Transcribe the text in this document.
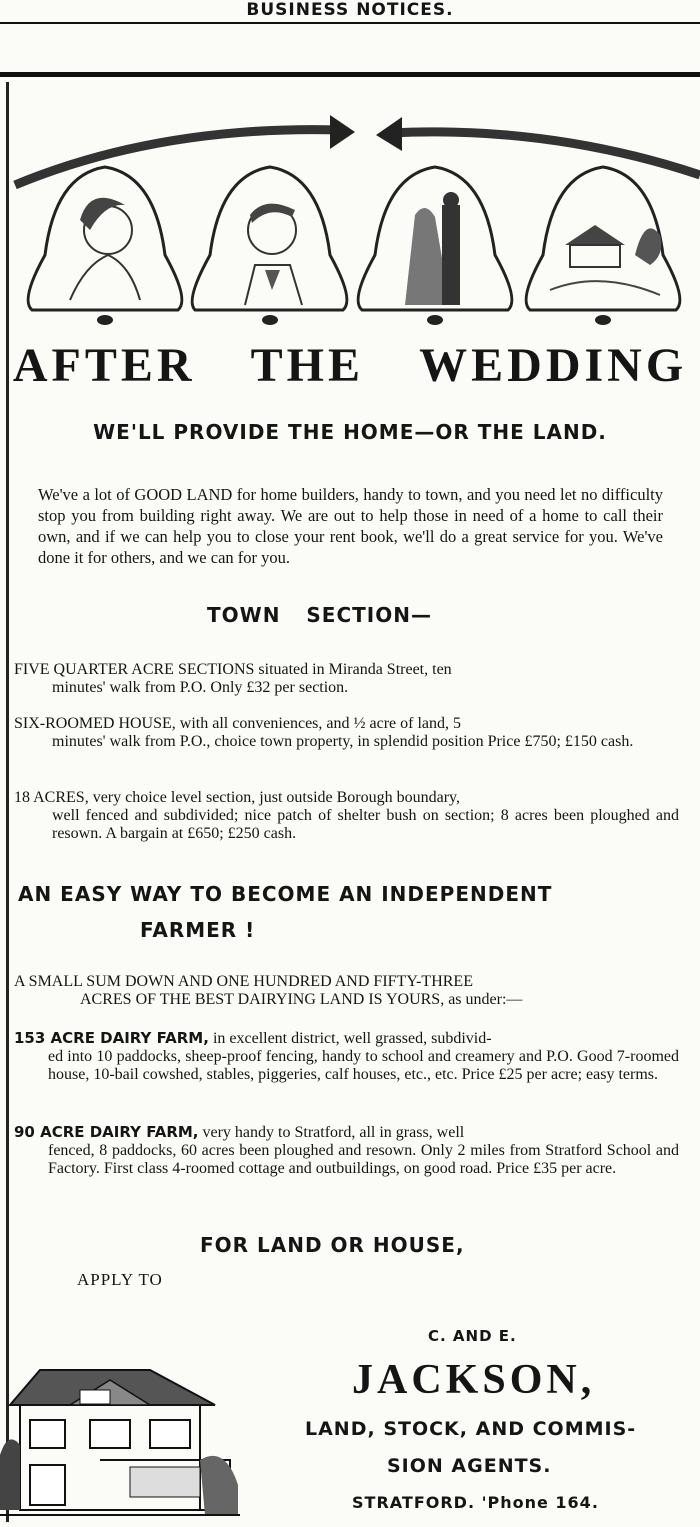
BUSINESS NOTICES.
AFTER THE WEDDING
WE'LL PROVIDE THE HOME—OR THE LAND.
We've a lot of GOOD LAND for home builders, handy to town, and you need let no difficulty stop you from building right away. We are out to help those in need of a home to call their own, and if we can help you to close your rent book, we'll do a great service for you. We've done it for others, and we can for you.
TOWN SECTION—
FIVE QUARTER ACRE SECTIONS situated in Miranda Street, ten
minutes' walk from P.O. Only £32 per section.
SIX-ROOMED HOUSE, with all conveniences, and ½ acre of land, 5
minutes' walk from P.O., choice town property, in splendid position Price £750; £150 cash.
18 ACRES, very choice level section, just outside Borough boundary,
well fenced and subdivided; nice patch of shelter bush on section; 8 acres been ploughed and resown. A bargain at £650; £250 cash.
AN EASY WAY TO BECOME AN INDEPENDENT
FARMER !
A SMALL SUM DOWN AND ONE HUNDRED AND FIFTY-THREE
ACRES OF THE BEST DAIRYING LAND IS YOURS, as under:—
153 ACRE DAIRY FARM, in excellent district, well grassed, subdivid-
ed into 10 paddocks, sheep-proof fencing, handy to school and creamery and P.O. Good 7-roomed house, 10-bail cowshed, stables, piggeries, calf houses, etc., etc. Price £25 per acre; easy terms.
90 ACRE DAIRY FARM, very handy to Stratford, all in grass, well
fenced, 8 paddocks, 60 acres been ploughed and resown. Only 2 miles from Stratford School and Factory. First class 4-roomed cottage and outbuildings, on good road. Price £35 per acre.
FOR LAND OR HOUSE,
APPLY TO
C. AND E.
JACKSON,
LAND, STOCK, AND COMMIS-
SION AGENTS.
STRATFORD. 'Phone 164.
